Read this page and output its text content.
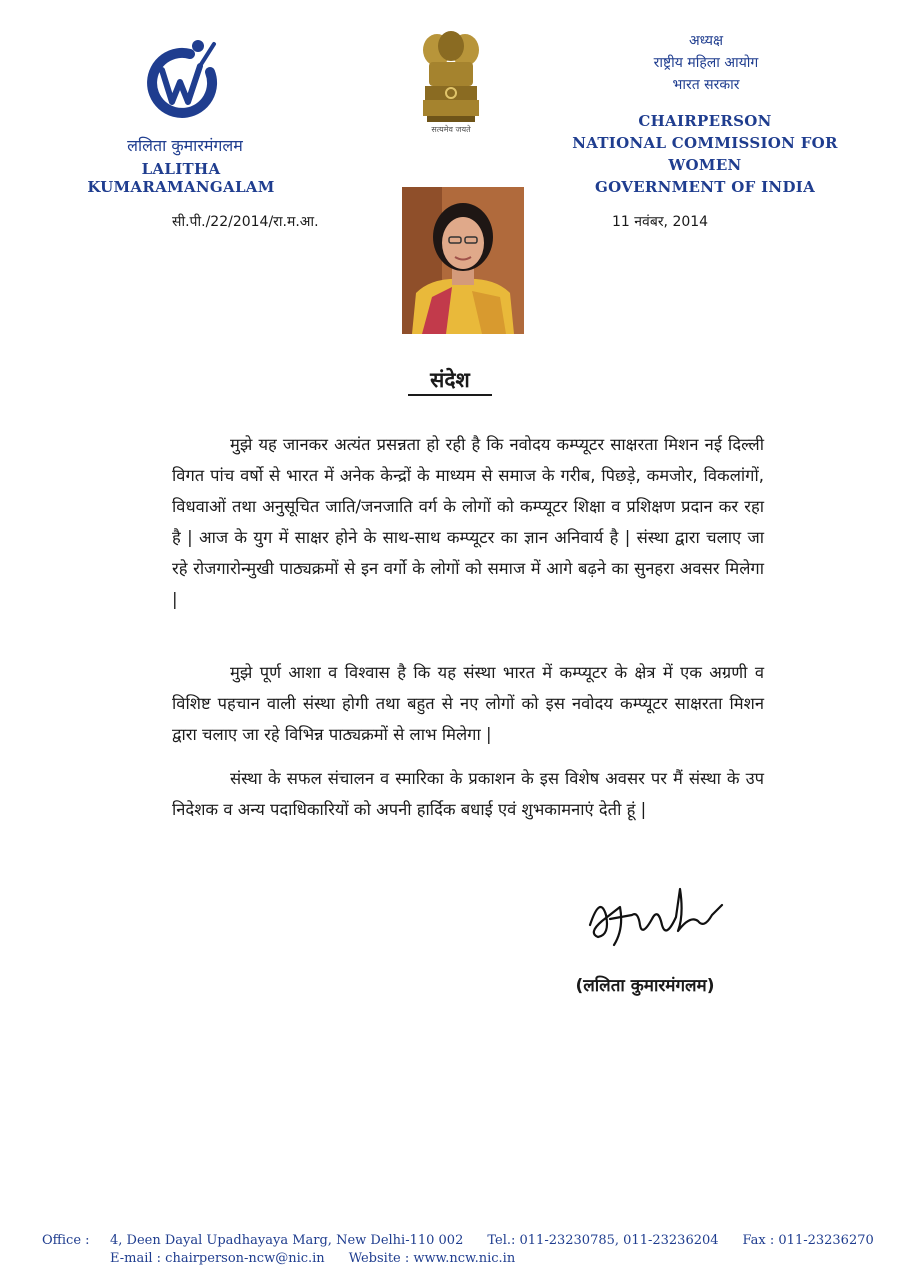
ललिता कुमारमंगलम
LALITHA KUMARAMANGALAM
सत्यमेव जयते
अध्यक्ष
राष्ट्रीय महिला आयोग
भारत सरकार
CHAIRPERSON
NATIONAL COMMISSION FOR WOMEN
GOVERNMENT OF INDIA
सी.पी./22/2014/रा.म.आ.	11 नवंबर, 2014
संदेश

मुझे यह जानकर अत्यंत प्रसन्नता हो रही है कि नवोदय कम्प्यूटर साक्षरता मिशन नई दिल्ली विगत पांच वर्षो से भारत में अनेक केन्द्रों के माध्यम से समाज के गरीब, पिछड़े, कमजोर, विकलांगों, विधवाओं तथा अनुसूचित जाति/जनजाति वर्ग के लोगों को कम्प्यूटर शिक्षा व प्रशिक्षण प्रदान कर रहा है | आज के युग में साक्षर होने के साथ-साथ कम्प्यूटर का ज्ञान अनिवार्य है | संस्था द्वारा चलाए जा रहे रोजगारोन्मुखी पाठ्यक्रमों से इन वर्गो के लोगों को समाज में आगे बढ़ने का सुनहरा अवसर मिलेगा |

मुझे पूर्ण आशा व विश्वास है कि यह संस्था भारत में कम्प्यूटर के क्षेत्र में एक अग्रणी व विशिष्ट पहचान वाली संस्था होगी तथा बहुत से नए लोगों को इस नवोदय कम्प्यूटर साक्षरता मिशन द्वारा चलाए जा रहे विभिन्न पाठ्यक्रमों से लाभ मिलेगा |

संस्था के सफल संचालन व स्मारिका के प्रकाशन के इस विशेष अवसर पर मैं संस्था के उप निदेशक व अन्य पदाधिकारियों को अपनी हार्दिक बधाई एवं शुभकामनाएं देती हूं |

(ललिता कुमारमंगलम)
Office : 4, Deen Dayal Upadhayaya Marg, New Delhi-110 002 Tel.: 011-23230785, 011-23236204 Fax : 011-23236270
E-mail : chairperson-ncw@nic.in Website : www.ncw.nic.in
